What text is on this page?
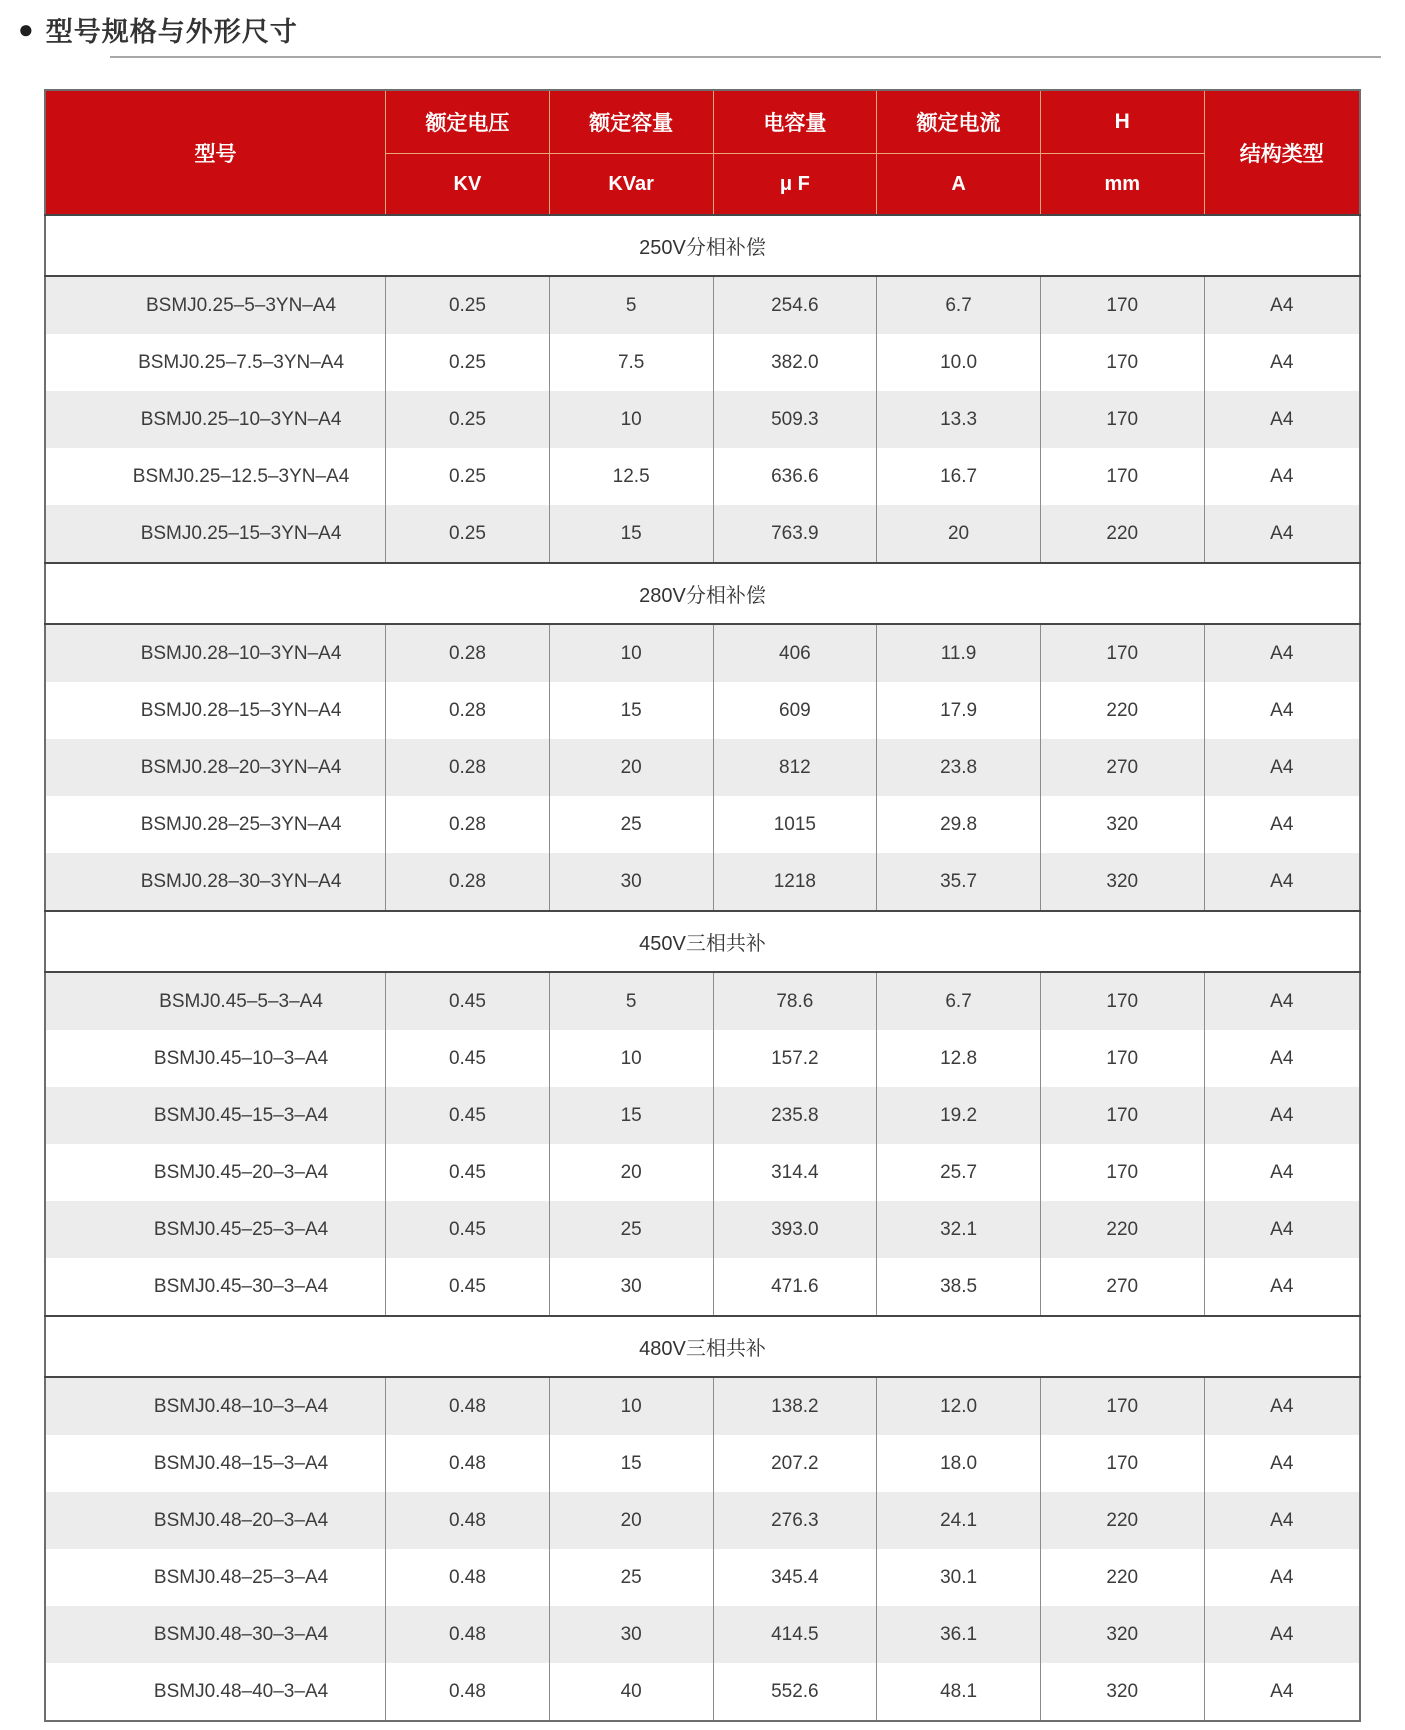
● 型号规格与外形尺寸
型号	额定电压	额定容量	电容量	额定电流	H	结构类型
	KV	KVar	μ F	A	mm	
250V分相补偿						
BSMJ0.25–5–3YN–A4	0.25	5	254.6	6.7	170	A4
BSMJ0.25–7.5–3YN–A4	0.25	7.5	382.0	10.0	170	A4
BSMJ0.25–10–3YN–A4	0.25	10	509.3	13.3	170	A4
BSMJ0.25–12.5–3YN–A4	0.25	12.5	636.6	16.7	170	A4
BSMJ0.25–15–3YN–A4	0.25	15	763.9	20	220	A4
280V分相补偿						
BSMJ0.28–10–3YN–A4	0.28	10	406	11.9	170	A4
BSMJ0.28–15–3YN–A4	0.28	15	609	17.9	220	A4
BSMJ0.28–20–3YN–A4	0.28	20	812	23.8	270	A4
BSMJ0.28–25–3YN–A4	0.28	25	1015	29.8	320	A4
BSMJ0.28–30–3YN–A4	0.28	30	1218	35.7	320	A4
450V三相共补						
BSMJ0.45–5–3–A4	0.45	5	78.6	6.7	170	A4
BSMJ0.45–10–3–A4	0.45	10	157.2	12.8	170	A4
BSMJ0.45–15–3–A4	0.45	15	235.8	19.2	170	A4
BSMJ0.45–20–3–A4	0.45	20	314.4	25.7	170	A4
BSMJ0.45–25–3–A4	0.45	25	393.0	32.1	220	A4
BSMJ0.45–30–3–A4	0.45	30	471.6	38.5	270	A4
480V三相共补						
BSMJ0.48–10–3–A4	0.48	10	138.2	12.0	170	A4
BSMJ0.48–15–3–A4	0.48	15	207.2	18.0	170	A4
BSMJ0.48–20–3–A4	0.48	20	276.3	24.1	220	A4
BSMJ0.48–25–3–A4	0.48	25	345.4	30.1	220	A4
BSMJ0.48–30–3–A4	0.48	30	414.5	36.1	320	A4
BSMJ0.48–40–3–A4	0.48	40	552.6	48.1	320	A4
